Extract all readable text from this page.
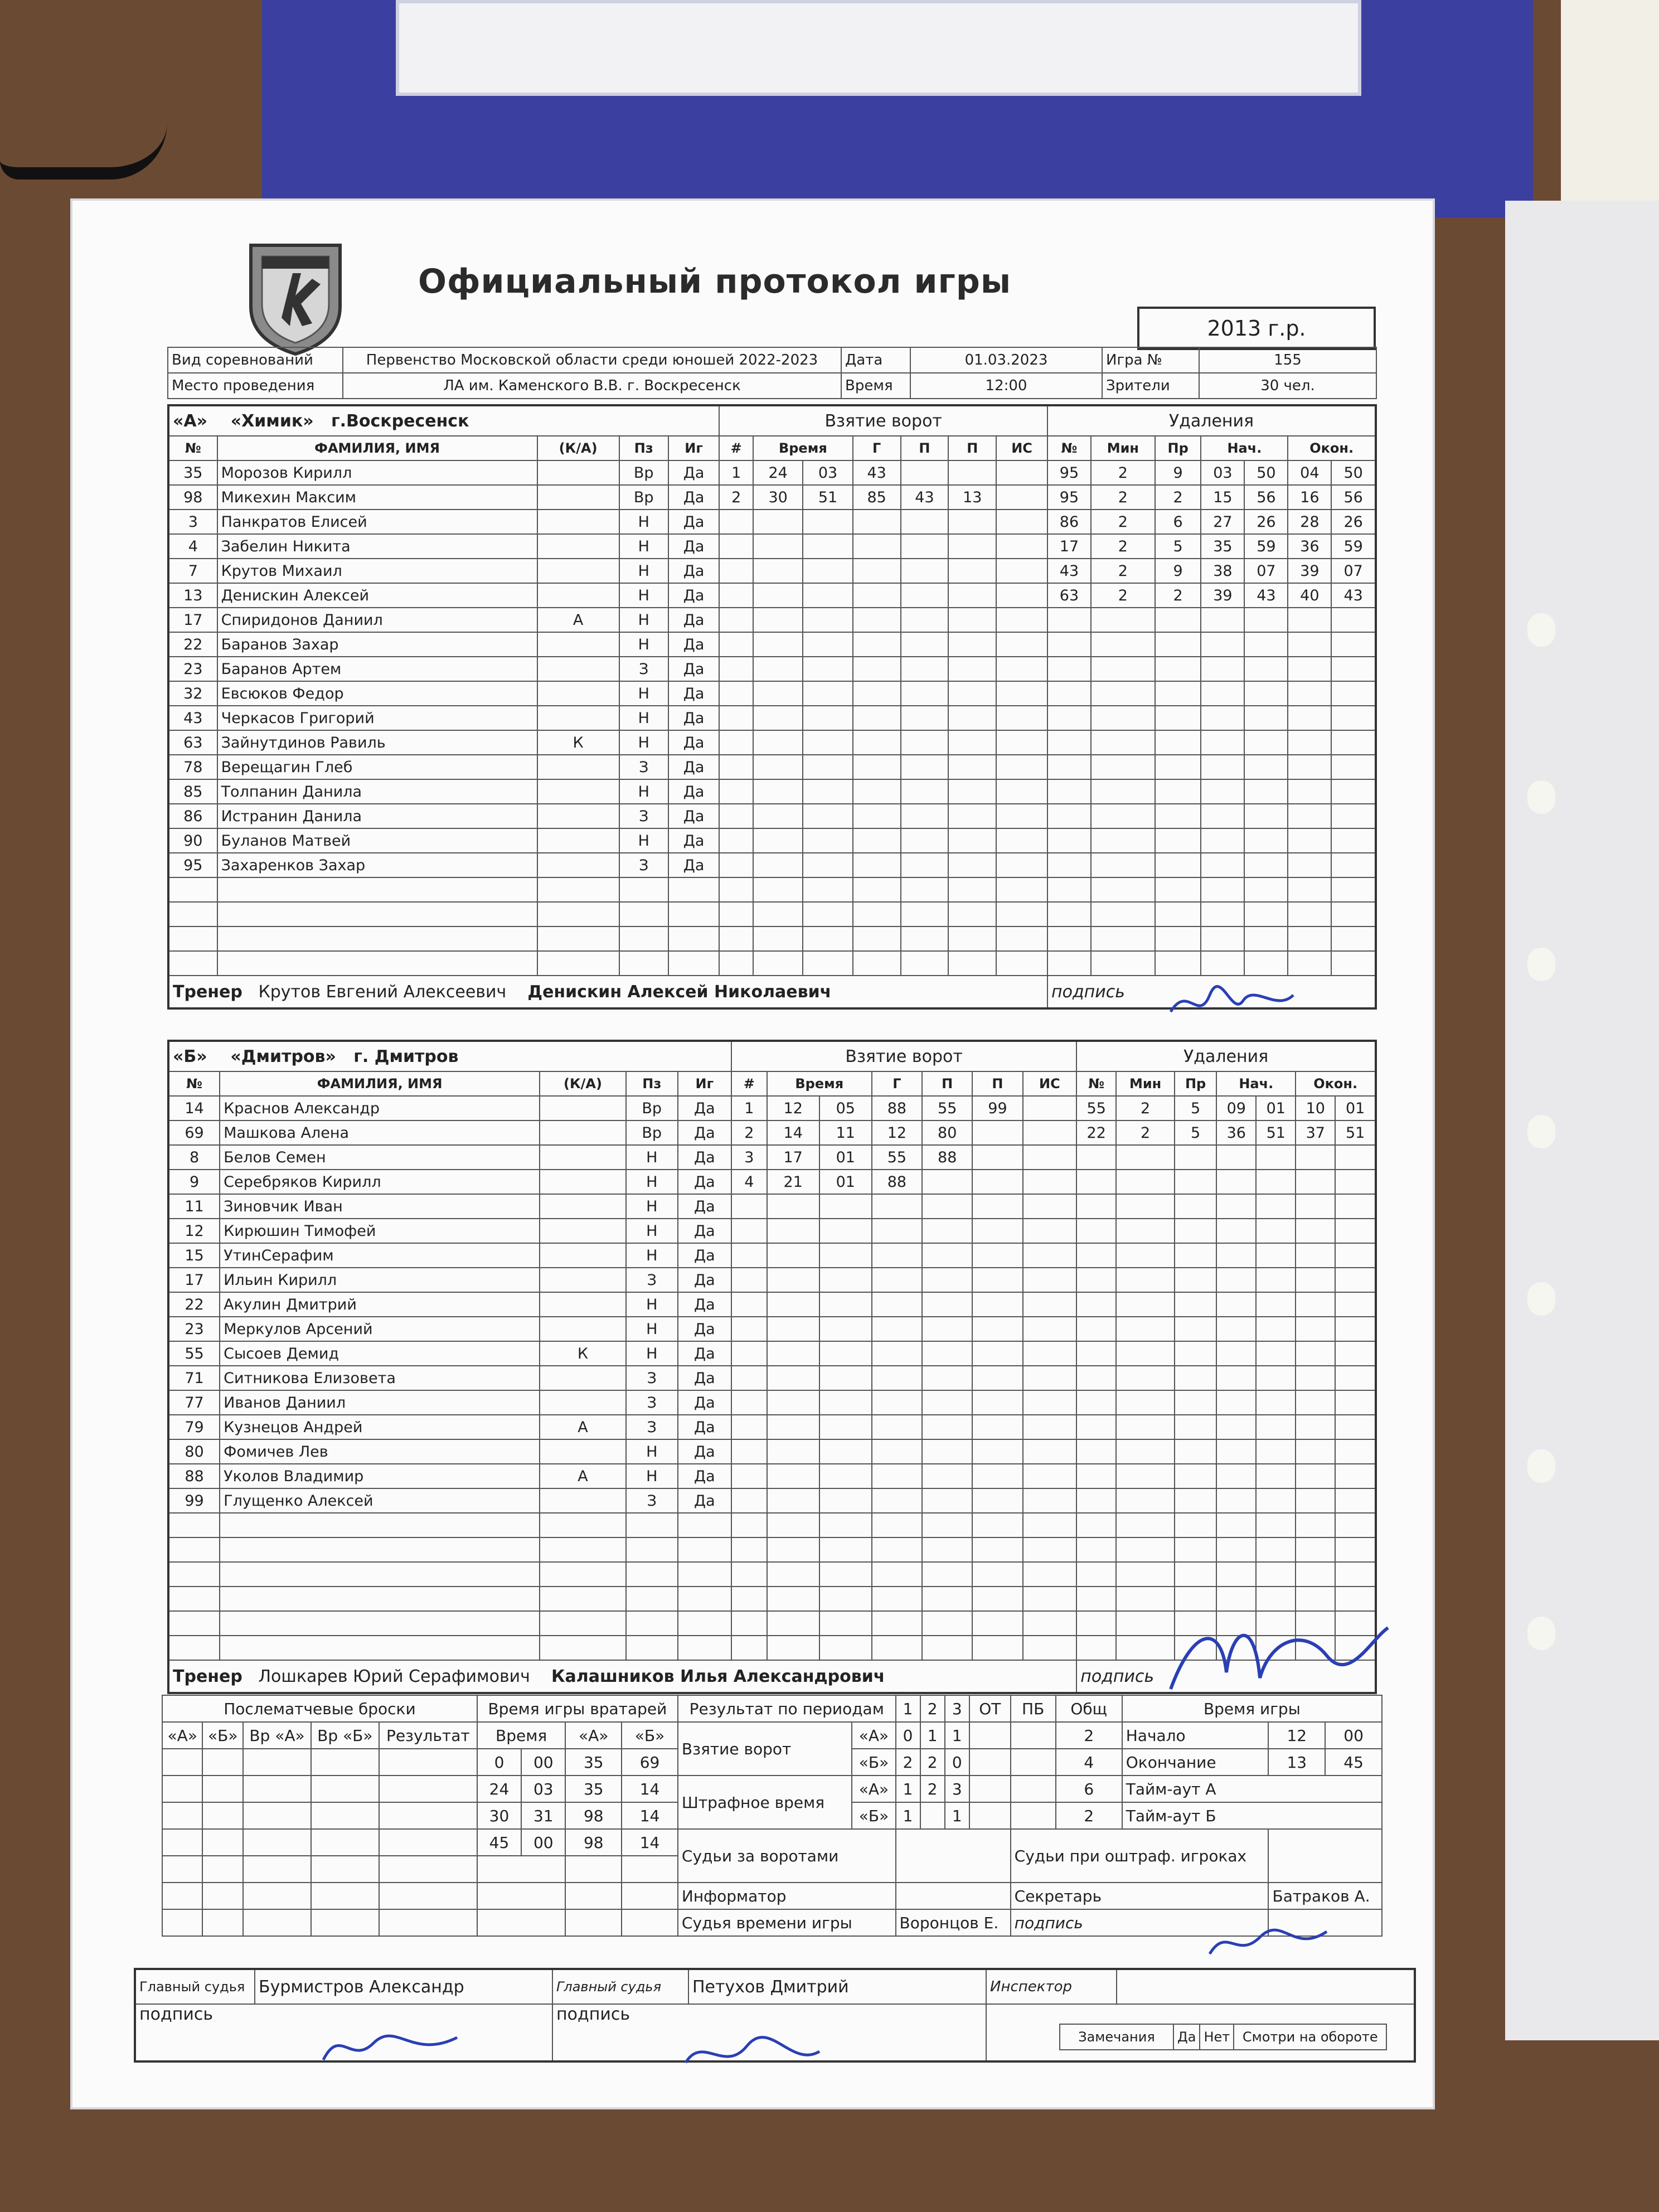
Официальный протокол игры
2013 г.р.
Вид соревнований	Первенство Московской области среди юношей 2022-2023	Дата	01.03.2023	Игра №	155
Место проведения	ЛА им. Каменского В.В. г. Воскресенск	Время	12:00	Зрители	30 чел.
«А» «Химик» г.Воскресенск					Взятие ворот							Удаления						
№	ФАМИЛИЯ, ИМЯ	(К/А)	Пз	Иг	#	Время		Г	П	П	ИС	№	Мин	Пр	Нач.		Окон.	
35	Морозов Кирилл		Вр	Да	1	24	03	43				95	2	9	03	50	04	50
98	Микехин Максим		Вр	Да	2	30	51	85	43	13		95	2	2	15	56	16	56
3	Панкратов Елисей		Н	Да								86	2	6	27	26	28	26
4	Забелин Никита		Н	Да								17	2	5	35	59	36	59
7	Крутов Михаил		Н	Да								43	2	9	38	07	39	07
13	Денискин Алексей		Н	Да								63	2	2	39	43	40	43
17	Спиридонов Даниил	А	Н	Да														
22	Баранов Захар		Н	Да														
23	Баранов Артем		З	Да														
32	Евсюков Федор		Н	Да														
43	Черкасов Григорий		Н	Да														
63	Зайнутдинов Равиль	К	Н	Да														
78	Верещагин Глеб		З	Да														
85	Толпанин Данила		Н	Да														
86	Истранин Данила		З	Да														
90	Буланов Матвей		Н	Да														
95	Захаренков Захар		З	Да														

Тренер Крутов Евгений Алексеевич Денискин Алексей Николаевич												подпись						
«Б» «Дмитров» г. Дмитров					Взятие ворот							Удаления						
№	ФАМИЛИЯ, ИМЯ	(К/А)	Пз	Иг	#	Время		Г	П	П	ИС	№	Мин	Пр	Нач.		Окон.	
14	Краснов Александр		Вр	Да	1	12	05	88	55	99		55	2	5	09	01	10	01
69	Машкова Алена		Вр	Да	2	14	11	12	80			22	2	5	36	51	37	51
8	Белов Семен		Н	Да	3	17	01	55	88									
9	Серебряков Кирилл		Н	Да	4	21	01	88										
11	Зиновчик Иван		Н	Да														
12	Кирюшин Тимофей		Н	Да														
15	УтинСерафим		Н	Да														
17	Ильин Кирилл		З	Да														
22	Акулин Дмитрий		Н	Да														
23	Меркулов Арсений		Н	Да														
55	Сысоев Демид	К	Н	Да														
71	Ситникова Елизовета		З	Да														
77	Иванов Даниил		З	Да														
79	Кузнецов Андрей	А	З	Да														
80	Фомичев Лев		Н	Да														
88	Уколов Владимир	А	Н	Да														
99	Глущенко Алексей		З	Да														

Тренер Лошкарев Юрий Серафимович Калашников Илья Александрович												подпись						
Послематчевые броски					Время игры вратарей				Результат по периодам		1	2	3	ОТ	ПБ	Общ	Время игры		
«А»	«Б»	Вр «А»	Вр «Б»	Результат	Время		«А»	«Б»	Взятие ворот	«А»	0	1	1			2	Начало	12	00
					0	00	35	69		«Б»	2	2	0			4	Окончание	13	45
					24	03	35	14	Штрафное время	«А»	1	2	3			6	Тайм-аут А		
					30	31	98	14		«Б»	1		1			2	Тайм-аут Б		
					45	00	98	14	Судьи за воротами						Судьи при оштраф. игроках				

									Информатор						Секретарь			Батраков А.	
									Судья времени игры		Воронцов Е.				подпись				
Главный судья	Бурмистров Александр	Главный судья	Петухов Дмитрий	Инспектор	
подпись		подпись			
Замечания	Да	Нет	Смотри на обороте
